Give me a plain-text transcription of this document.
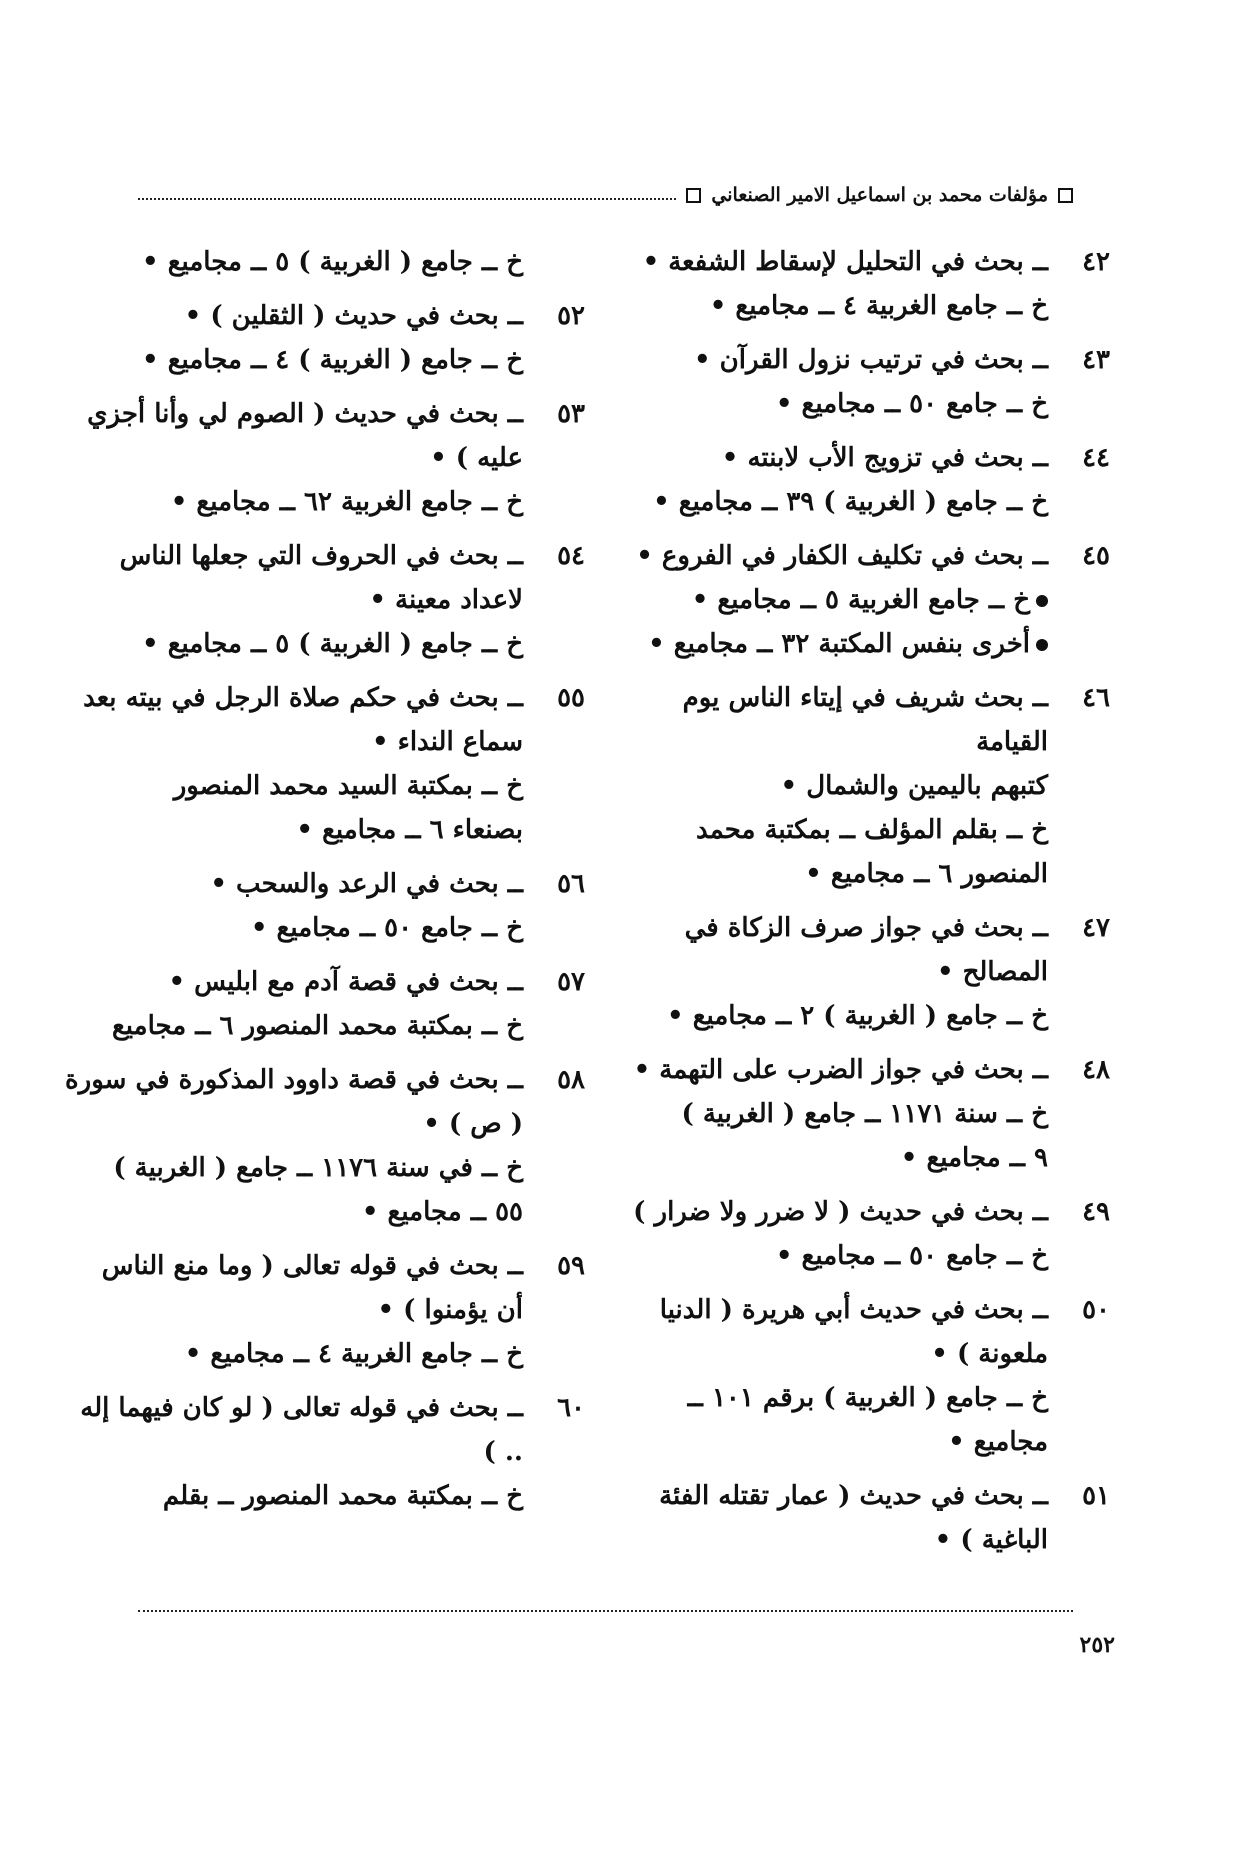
مؤلفات محمد بن اسماعيل الامير الصنعاني
٤٢
ــ بحث في التحليل لإسقاط الشفعة •
خ ــ جامع الغربية ٤ ــ مجاميع •
٤٣
ــ بحث في ترتيب نزول القرآن •
خ ــ جامع ٥٠ ــ مجاميع •
٤٤
ــ بحث في تزويج الأب لابنته •
خ ــ جامع ( الغربية ) ٣٩ ــ مجاميع •
٤٥
ــ بحث في تكليف الكفار في الفروع •
خ ــ جامع الغربية ٥ ــ مجاميع •
أخرى بنفس المكتبة ٣٢ ــ مجاميع •
٤٦
ــ بحث شريف في إيتاء الناس يوم القيامة
كتبهم باليمين والشمال •
خ ــ بقلم المؤلف ــ بمكتبة محمد
المنصور ٦ ــ مجاميع •
٤٧
ــ بحث في جواز صرف الزكاة في المصالح •
خ ــ جامع ( الغربية ) ٢ ــ مجاميع •
٤٨
ــ بحث في جواز الضرب على التهمة •
خ ــ سنة ١١٧١ ــ جامع ( الغربية )
٩ ــ مجاميع •
٤٩
ــ بحث في حديث ( لا ضرر ولا ضرار )
خ ــ جامع ٥٠ ــ مجاميع •
٥٠
ــ بحث في حديث أبي هريرة ( الدنيا
ملعونة ) •
خ ــ جامع ( الغربية ) برقم ١٠١ ــ
مجاميع •
٥١
ــ بحث في حديث ( عمار تقتله الفئة
الباغية ) •
خ ــ جامع ( الغربية ) ٥ ــ مجاميع •
٥٢
ــ بحث في حديث ( الثقلين ) •
خ ــ جامع ( الغربية ) ٤ ــ مجاميع •
٥٣
ــ بحث في حديث ( الصوم لي وأنا أجزي
عليه ) •
خ ــ جامع الغربية ٦٢ ــ مجاميع •
٥٤
ــ بحث في الحروف التي جعلها الناس
لاعداد معينة •
خ ــ جامع ( الغربية ) ٥ ــ مجاميع •
٥٥
ــ بحث في حكم صلاة الرجل في بيته بعد
سماع النداء •
خ ــ بمكتبة السيد محمد المنصور
بصنعاء ٦ ــ مجاميع •
٥٦
ــ بحث في الرعد والسحب •
خ ــ جامع ٥٠ ــ مجاميع •
٥٧
ــ بحث في قصة آدم مع ابليس •
خ ــ بمكتبة محمد المنصور ٦ ــ مجاميع
٥٨
ــ بحث في قصة داوود المذكورة في سورة
( ص ) •
خ ــ في سنة ١١٧٦ ــ جامع ( الغربية )
٥٥ ــ مجاميع •
٥٩
ــ بحث في قوله تعالى ( وما منع الناس
أن يؤمنوا ) •
خ ــ جامع الغربية ٤ ــ مجاميع •
٦٠
ــ بحث في قوله تعالى ( لو كان فيهما إله .. )
خ ــ بمكتبة محمد المنصور ــ بقلم
٢٥٢
